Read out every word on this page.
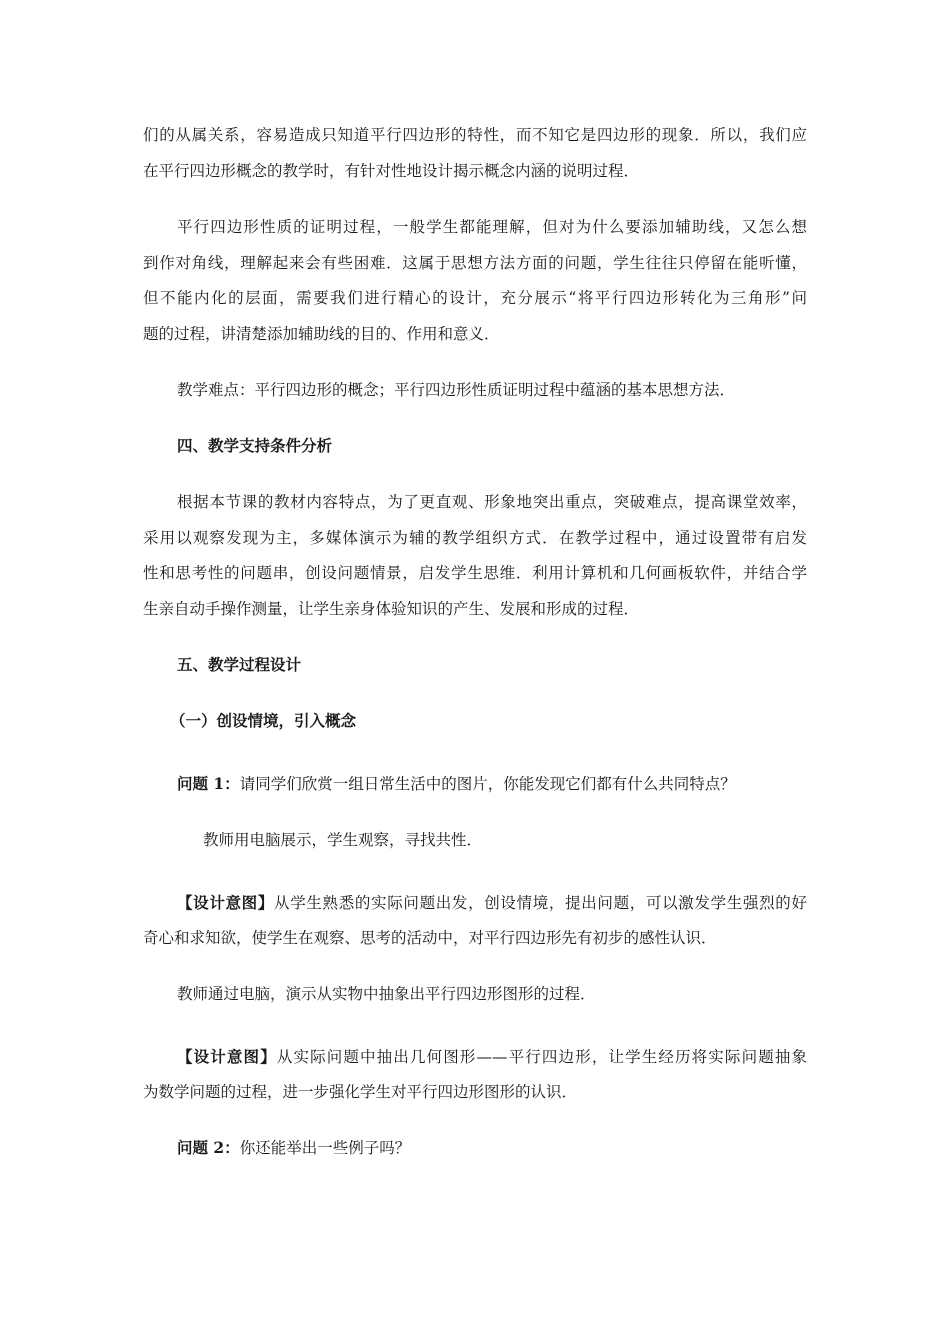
们的从属关系，容易造成只知道平行四边形的特性，而不知它是四边形的现象．所以，我们应
在平行四边形概念的教学时，有针对性地设计揭示概念内涵的说明过程．
平行四边形性质的证明过程，一般学生都能理解，但对为什么要添加辅助线，又怎么想
到作对角线，理解起来会有些困难．这属于思想方法方面的问题，学生往往只停留在能听懂，
但不能内化的层面，需要我们进行精心的设计，充分展示“将平行四边形转化为三角形”问
题的过程，讲清楚添加辅助线的目的、作用和意义．
教学难点：平行四边形的概念；平行四边形性质证明过程中蕴涵的基本思想方法．
四、教学支持条件分析
根据本节课的教材内容特点，为了更直观、形象地突出重点，突破难点，提高课堂效率，
采用以观察发现为主，多媒体演示为辅的教学组织方式．在教学过程中，通过设置带有启发
性和思考性的问题串，创设问题情景，启发学生思维．利用计算机和几何画板软件，并结合学
生亲自动手操作测量，让学生亲身体验知识的产生、发展和形成的过程．
五、教学过程设计
（一）创设情境，引入概念
问题 1：请同学们欣赏一组日常生活中的图片，你能发现它们都有什么共同特点？
教师用电脑展示，学生观察，寻找共性．
【设计意图】从学生熟悉的实际问题出发，创设情境，提出问题，可以激发学生强烈的好
奇心和求知欲，使学生在观察、思考的活动中，对平行四边形先有初步的感性认识．
教师通过电脑，演示从实物中抽象出平行四边形图形的过程．
【设计意图】从实际问题中抽出几何图形——平行四边形，让学生经历将实际问题抽象
为数学问题的过程，进一步强化学生对平行四边形图形的认识．
问题 2：你还能举出一些例子吗？
